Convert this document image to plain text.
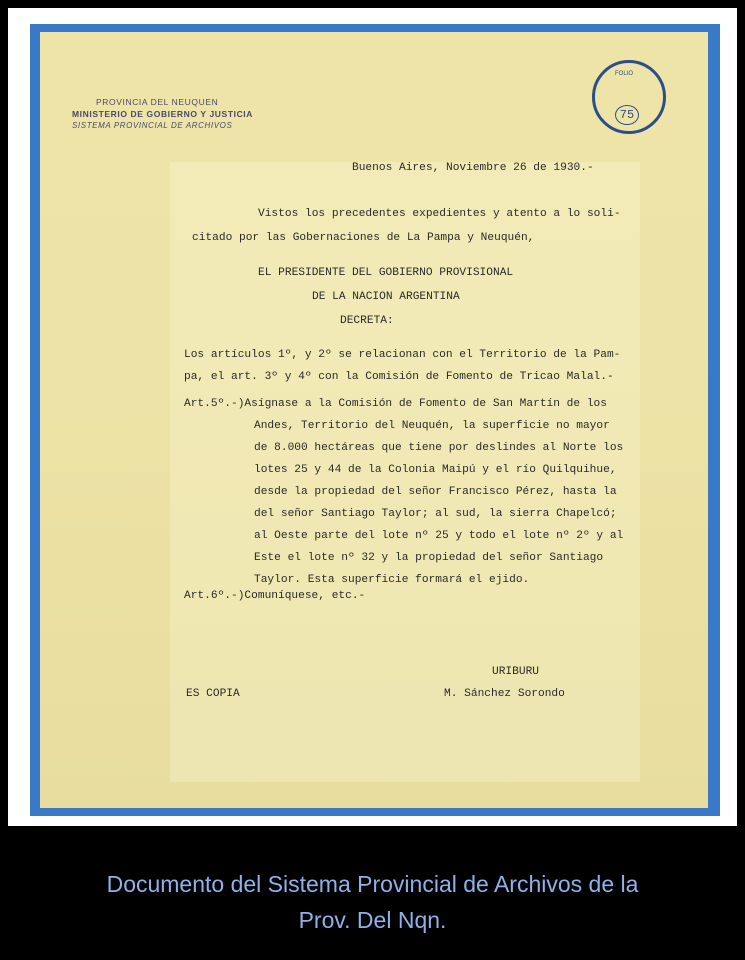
PROVINCIA DEL NEUQUEN
MINISTERIO DE GOBIERNO Y JUSTICIA
SISTEMA PROVINCIAL DE ARCHIVOS
FOLIO
75
Buenos Aires, Noviembre 26 de 1930.-
Vistos los precedentes expedientes y atento a lo soli-
citado por las Gobernaciones de La Pampa y Neuquén,
EL PRESIDENTE DEL GOBIERNO PROVISIONAL
DE LA NACION ARGENTINA
DECRETA:
Los artículos 1º, y 2º se relacionan con el Territorio de la Pam-
pa, el art. 3º y 4º con la Comisión de Fomento de Tricao Malal.-
Art.5º.-)Asígnase a la Comisión de Fomento de San Martín de los
Andes, Territorio del Neuquén, la superficie no mayor
de 8.000 hectáreas que tiene por deslindes al Norte los
lotes 25 y 44 de la Colonia Maipú y el río Quilquihue,
desde la propiedad del señor Francisco Pérez, hasta la
del señor Santiago Taylor; al sud, la sierra Chapelcó;
al Oeste parte del lote nº 25 y todo el lote nº 2º y al
Este el lote nº 32 y la propiedad del señor Santiago
Taylor. Esta superficie formará el ejido.
Art.6º.-)Comuníquese, etc.-
URIBURU
ES COPIA	M. Sánchez Sorondo
Documento del Sistema Provincial de Archivos de la
Prov. Del Nqn.
